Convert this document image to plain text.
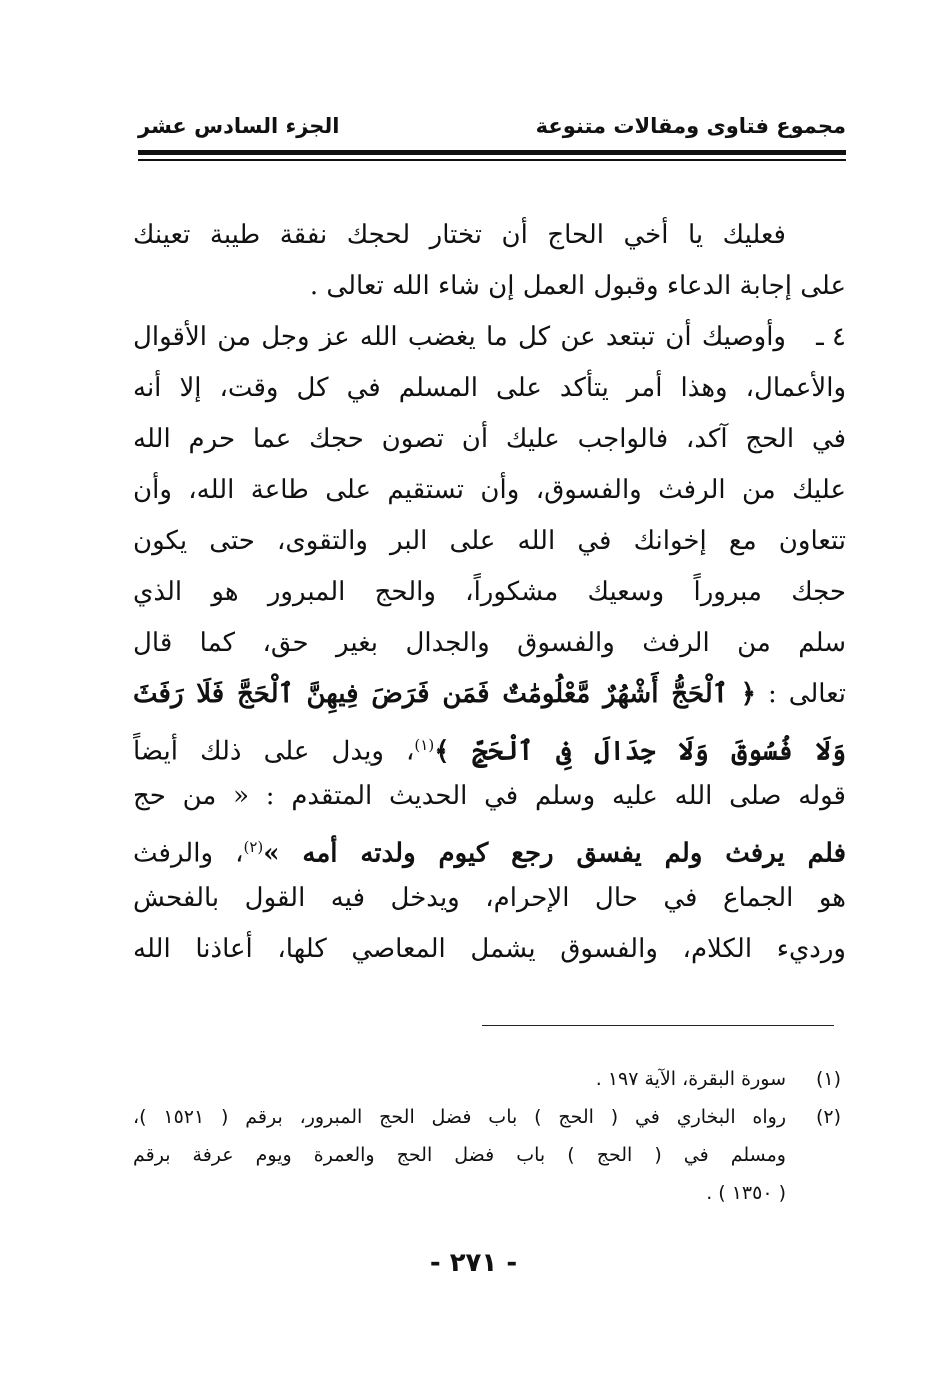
مجموع فتاوى ومقالات متنوعة
الجزء السادس عشر
فعليك يا أخي الحاج أن تختار لحجك نفقة طيبة تعينك
على إجابة الدعاء وقبول العمل إن شاء الله تعالى .
٤ ـ
وأوصيك أن تبتعد عن كل ما يغضب الله عز وجل من الأقوال
والأعمال، وهذا أمر يتأكد على المسلم في كل وقت، إلا أنه
في الحج آكد، فالواجب عليك أن تصون حجك عما حرم الله
عليك من الرفث والفسوق، وأن تستقيم على طاعة الله، وأن
تتعاون مع إخوانك في الله على البر والتقوى، حتى يكون
حجك مبروراً وسعيك مشكوراً، والحج المبرور هو الذي
سلم من الرفث والفسوق والجدال بغير حق، كما قال
تعالى : ﴿ ٱلْحَجُّ أَشْهُرٌ مَّعْلُومَٰتٌ فَمَن فَرَضَ فِيهِنَّ ٱلْحَجَّ فَلَا رَفَثَ
وَلَا فُسُوقَ وَلَا جِدَالَ فِى ٱلْحَجِّ ﴾$^{(١)}$، ويدل على ذلك أيضاً
قوله صلى الله عليه وسلم في الحديث المتقدم : « من حج
فلم يرفث ولم يفسق رجع كيوم ولدته أمه »$^{(٢)}$، والرفث
هو الجماع في حال الإحرام، ويدخل فيه القول بالفحش
ورديء الكلام، والفسوق يشمل المعاصي كلها، أعاذنا الله
(١)
سورة البقرة، الآية ١٩٧ .
(٢)
رواه البخاري في ( الحج ) باب فضل الحج المبرور، برقم ( ١٥٢١ )،
ومسلم في ( الحج ) باب فضل الحج والعمرة ويوم عرفة برقم
( ١٣٥٠ ) .
- ٢٧١ -
